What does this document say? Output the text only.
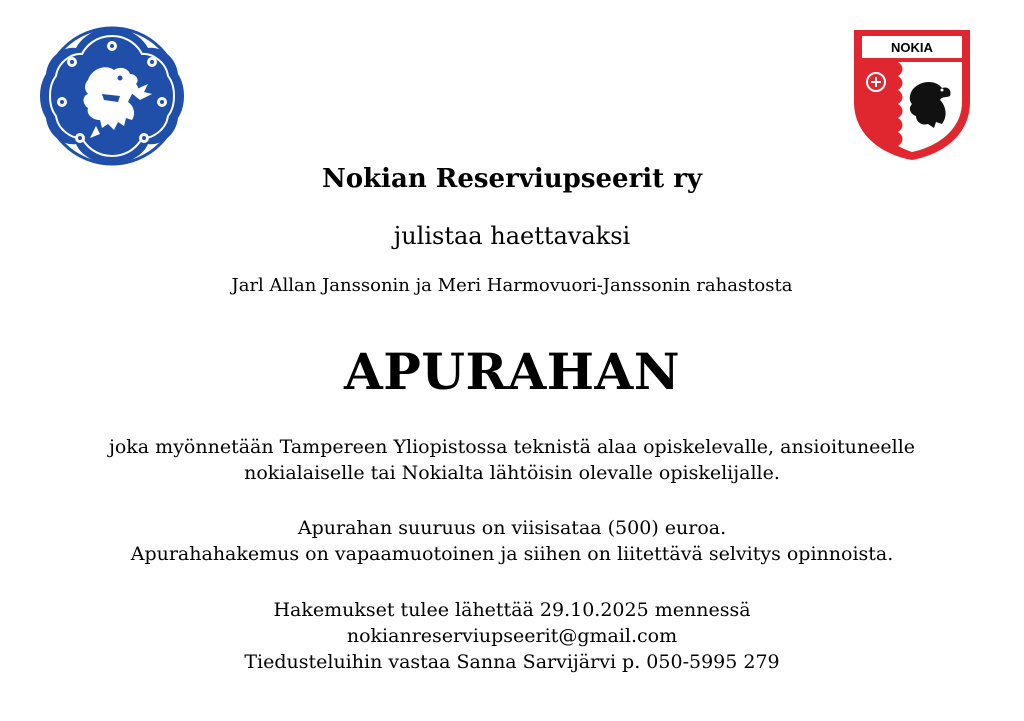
NOKIA
Nokian Reserviupseerit ry
julistaa haettavaksi
Jarl Allan Janssonin ja Meri Harmovuori-Janssonin rahastosta
APURAHAN
joka myönnetään Tampereen Yliopistossa teknistä alaa opiskelevalle, ansioituneelle
nokialaiselle tai Nokialta lähtöisin olevalle opiskelijalle.
Apurahan suuruus on viisisataa (500) euroa.
Apurahahakemus on vapaamuotoinen ja siihen on liitettävä selvitys opinnoista.
Hakemukset tulee lähettää 29.10.2025 mennessä
nokianreserviupseerit@gmail.com
Tiedusteluihin vastaa Sanna Sarvijärvi p. 050-5995 279
